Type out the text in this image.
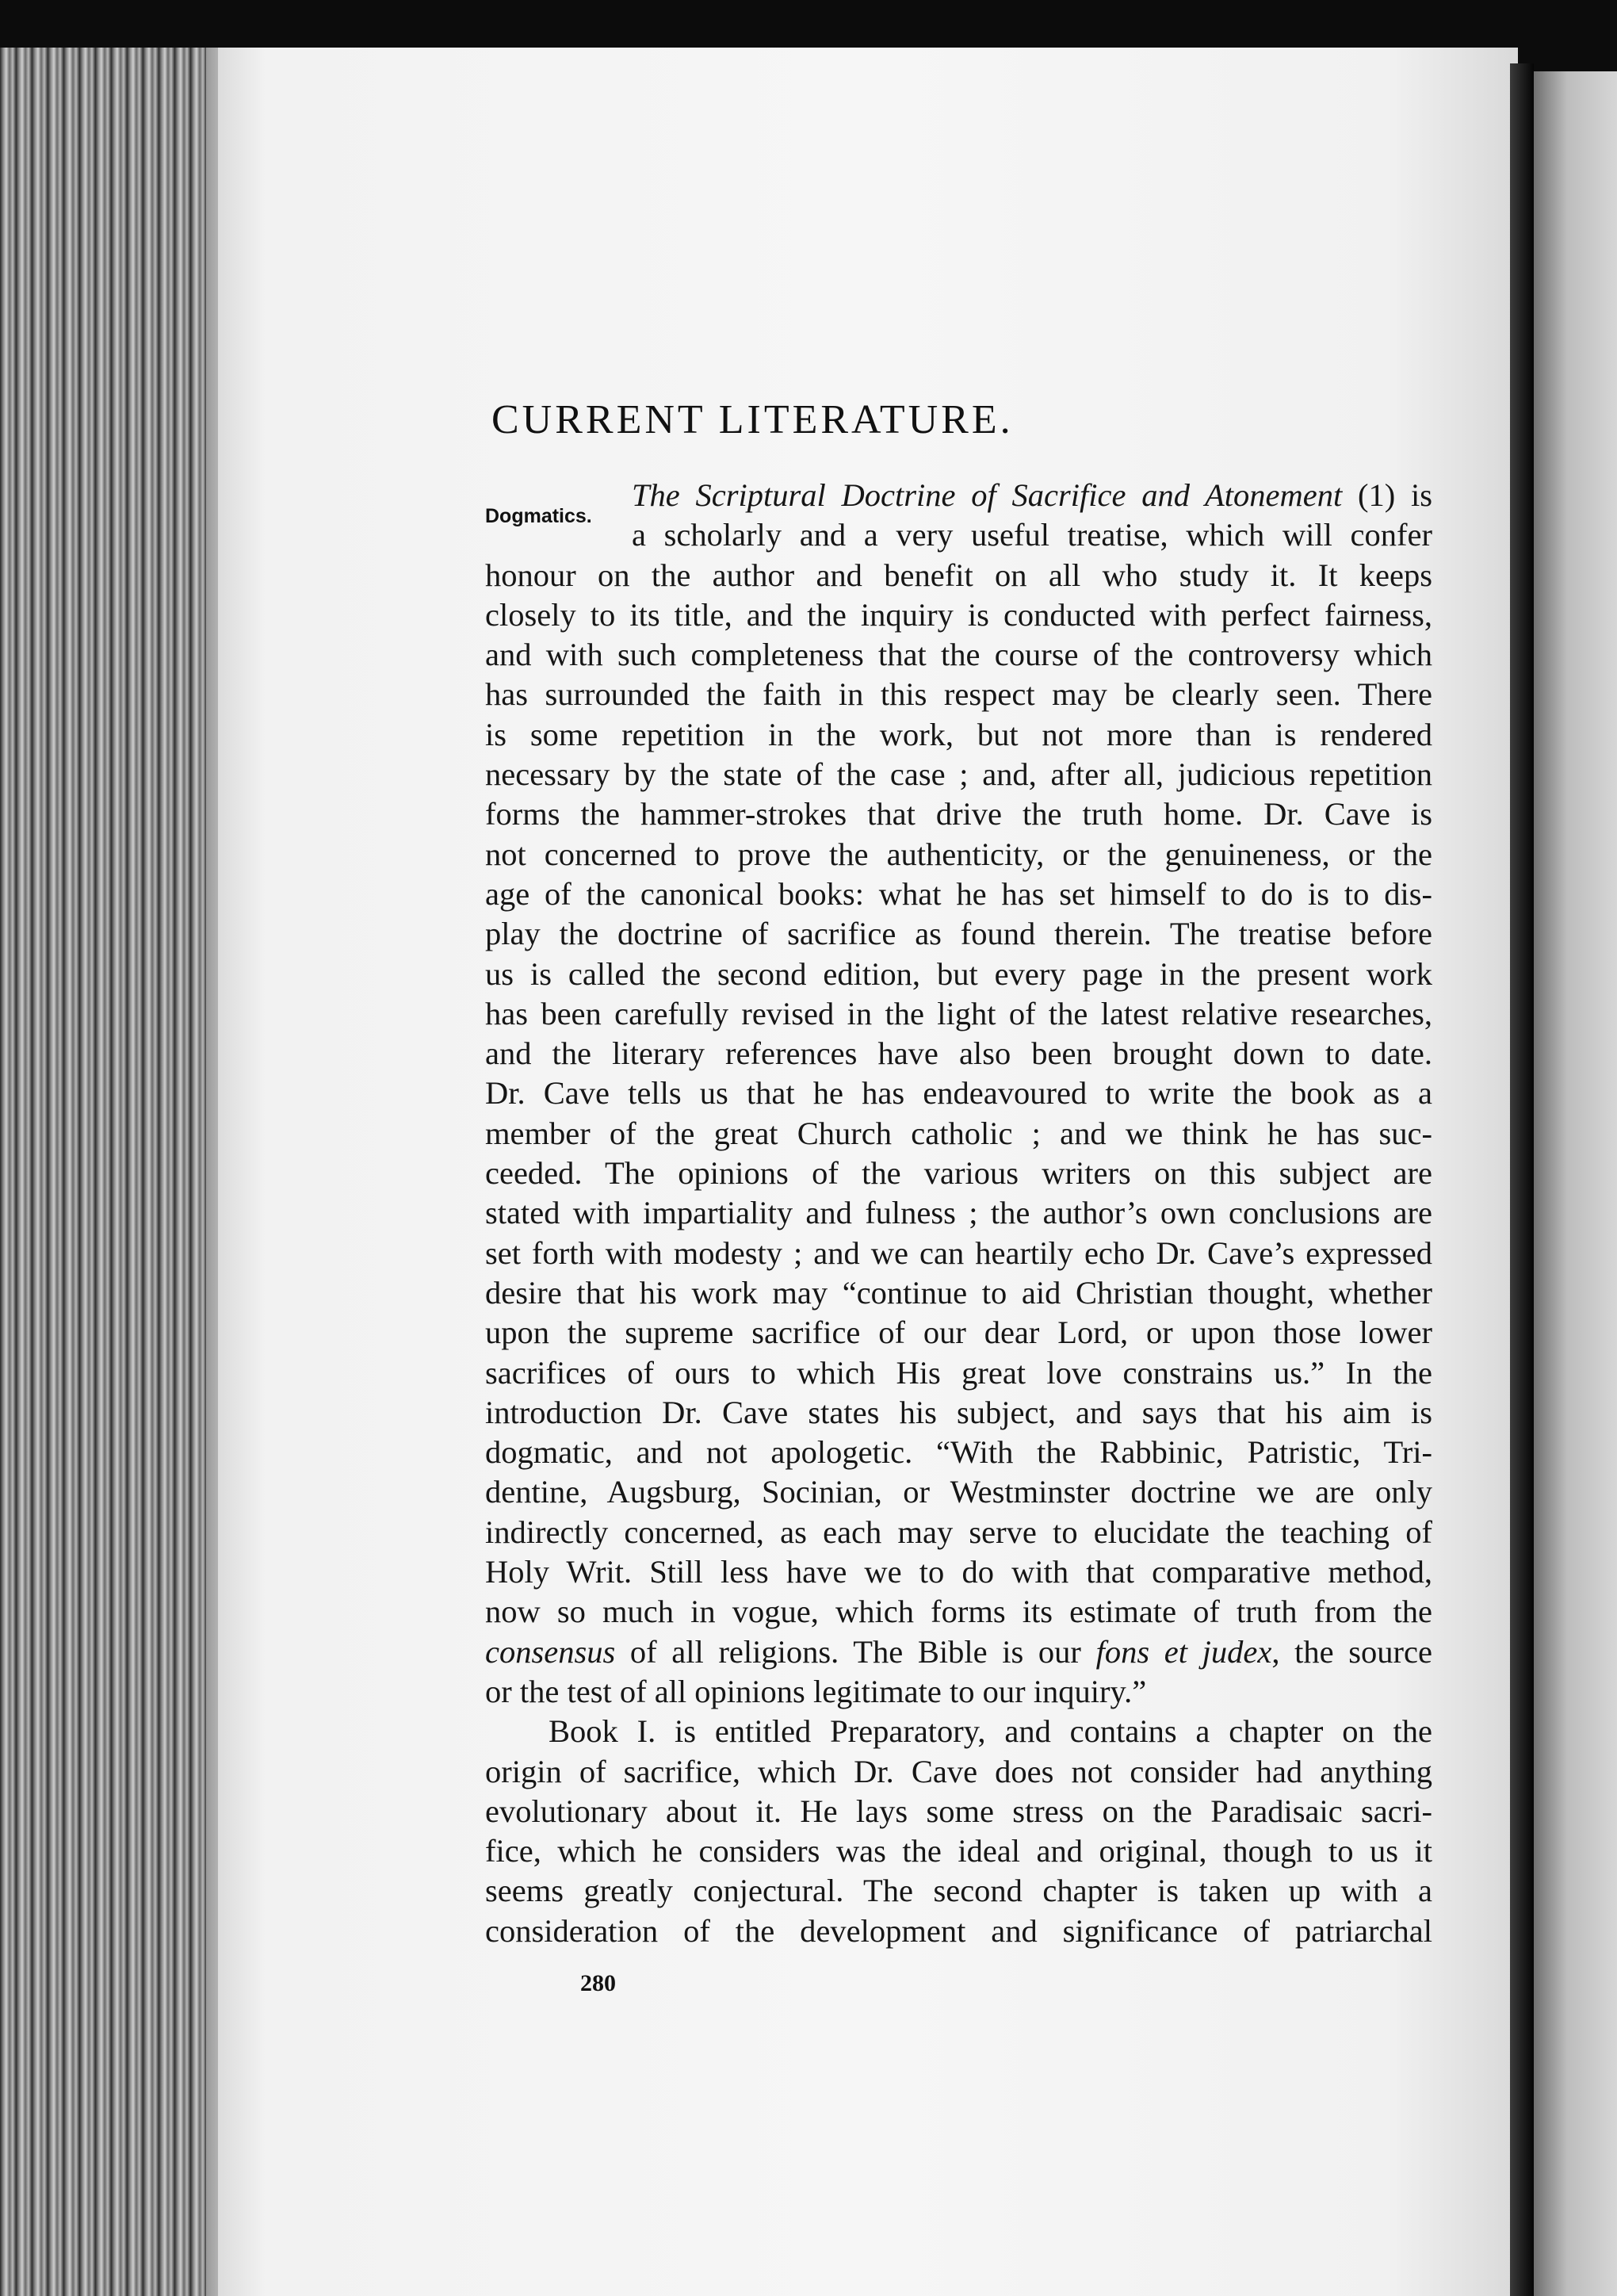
CURRENT LITERATURE.
Dogmatics.
The Scriptural Doctrine of Sacrifice and Atonement (1) is
a scholarly and a very useful treatise, which will confer
honour on the author and benefit on all who study it. It keeps
closely to its title, and the inquiry is conducted with perfect fairness,
and with such completeness that the course of the controversy which
has surrounded the faith in this respect may be clearly seen. There
is some repetition in the work, but not more than is rendered
necessary by the state of the case ; and, after all, judicious repetition
forms the hammer-strokes that drive the truth home. Dr. Cave is
not concerned to prove the authenticity, or the genuineness, or the
age of the canonical books: what he has set himself to do is to dis-
play the doctrine of sacrifice as found therein. The treatise before
us is called the second edition, but every page in the present work
has been carefully revised in the light of the latest relative researches,
and the literary references have also been brought down to date.
Dr. Cave tells us that he has endeavoured to write the book as a
member of the great Church catholic ; and we think he has suc-
ceeded. The opinions of the various writers on this subject are
stated with impartiality and fulness ; the author’s own conclusions are
set forth with modesty ; and we can heartily echo Dr. Cave’s expressed
desire that his work may “continue to aid Christian thought, whether
upon the supreme sacrifice of our dear Lord, or upon those lower
sacrifices of ours to which His great love constrains us.” In the
introduction Dr. Cave states his subject, and says that his aim is
dogmatic, and not apologetic. “With the Rabbinic, Patristic, Tri-
dentine, Augsburg, Socinian, or Westminster doctrine we are only
indirectly concerned, as each may serve to elucidate the teaching of
Holy Writ. Still less have we to do with that comparative method,
now so much in vogue, which forms its estimate of truth from the
consensus of all religions. The Bible is our fons et judex, the source
or the test of all opinions legitimate to our inquiry.”
Book I. is entitled Preparatory, and contains a chapter on the
origin of sacrifice, which Dr. Cave does not consider had anything
evolutionary about it. He lays some stress on the Paradisaic sacri-
fice, which he considers was the ideal and original, though to us it
seems greatly conjectural. The second chapter is taken up with a
consideration of the development and significance of patriarchal
280
